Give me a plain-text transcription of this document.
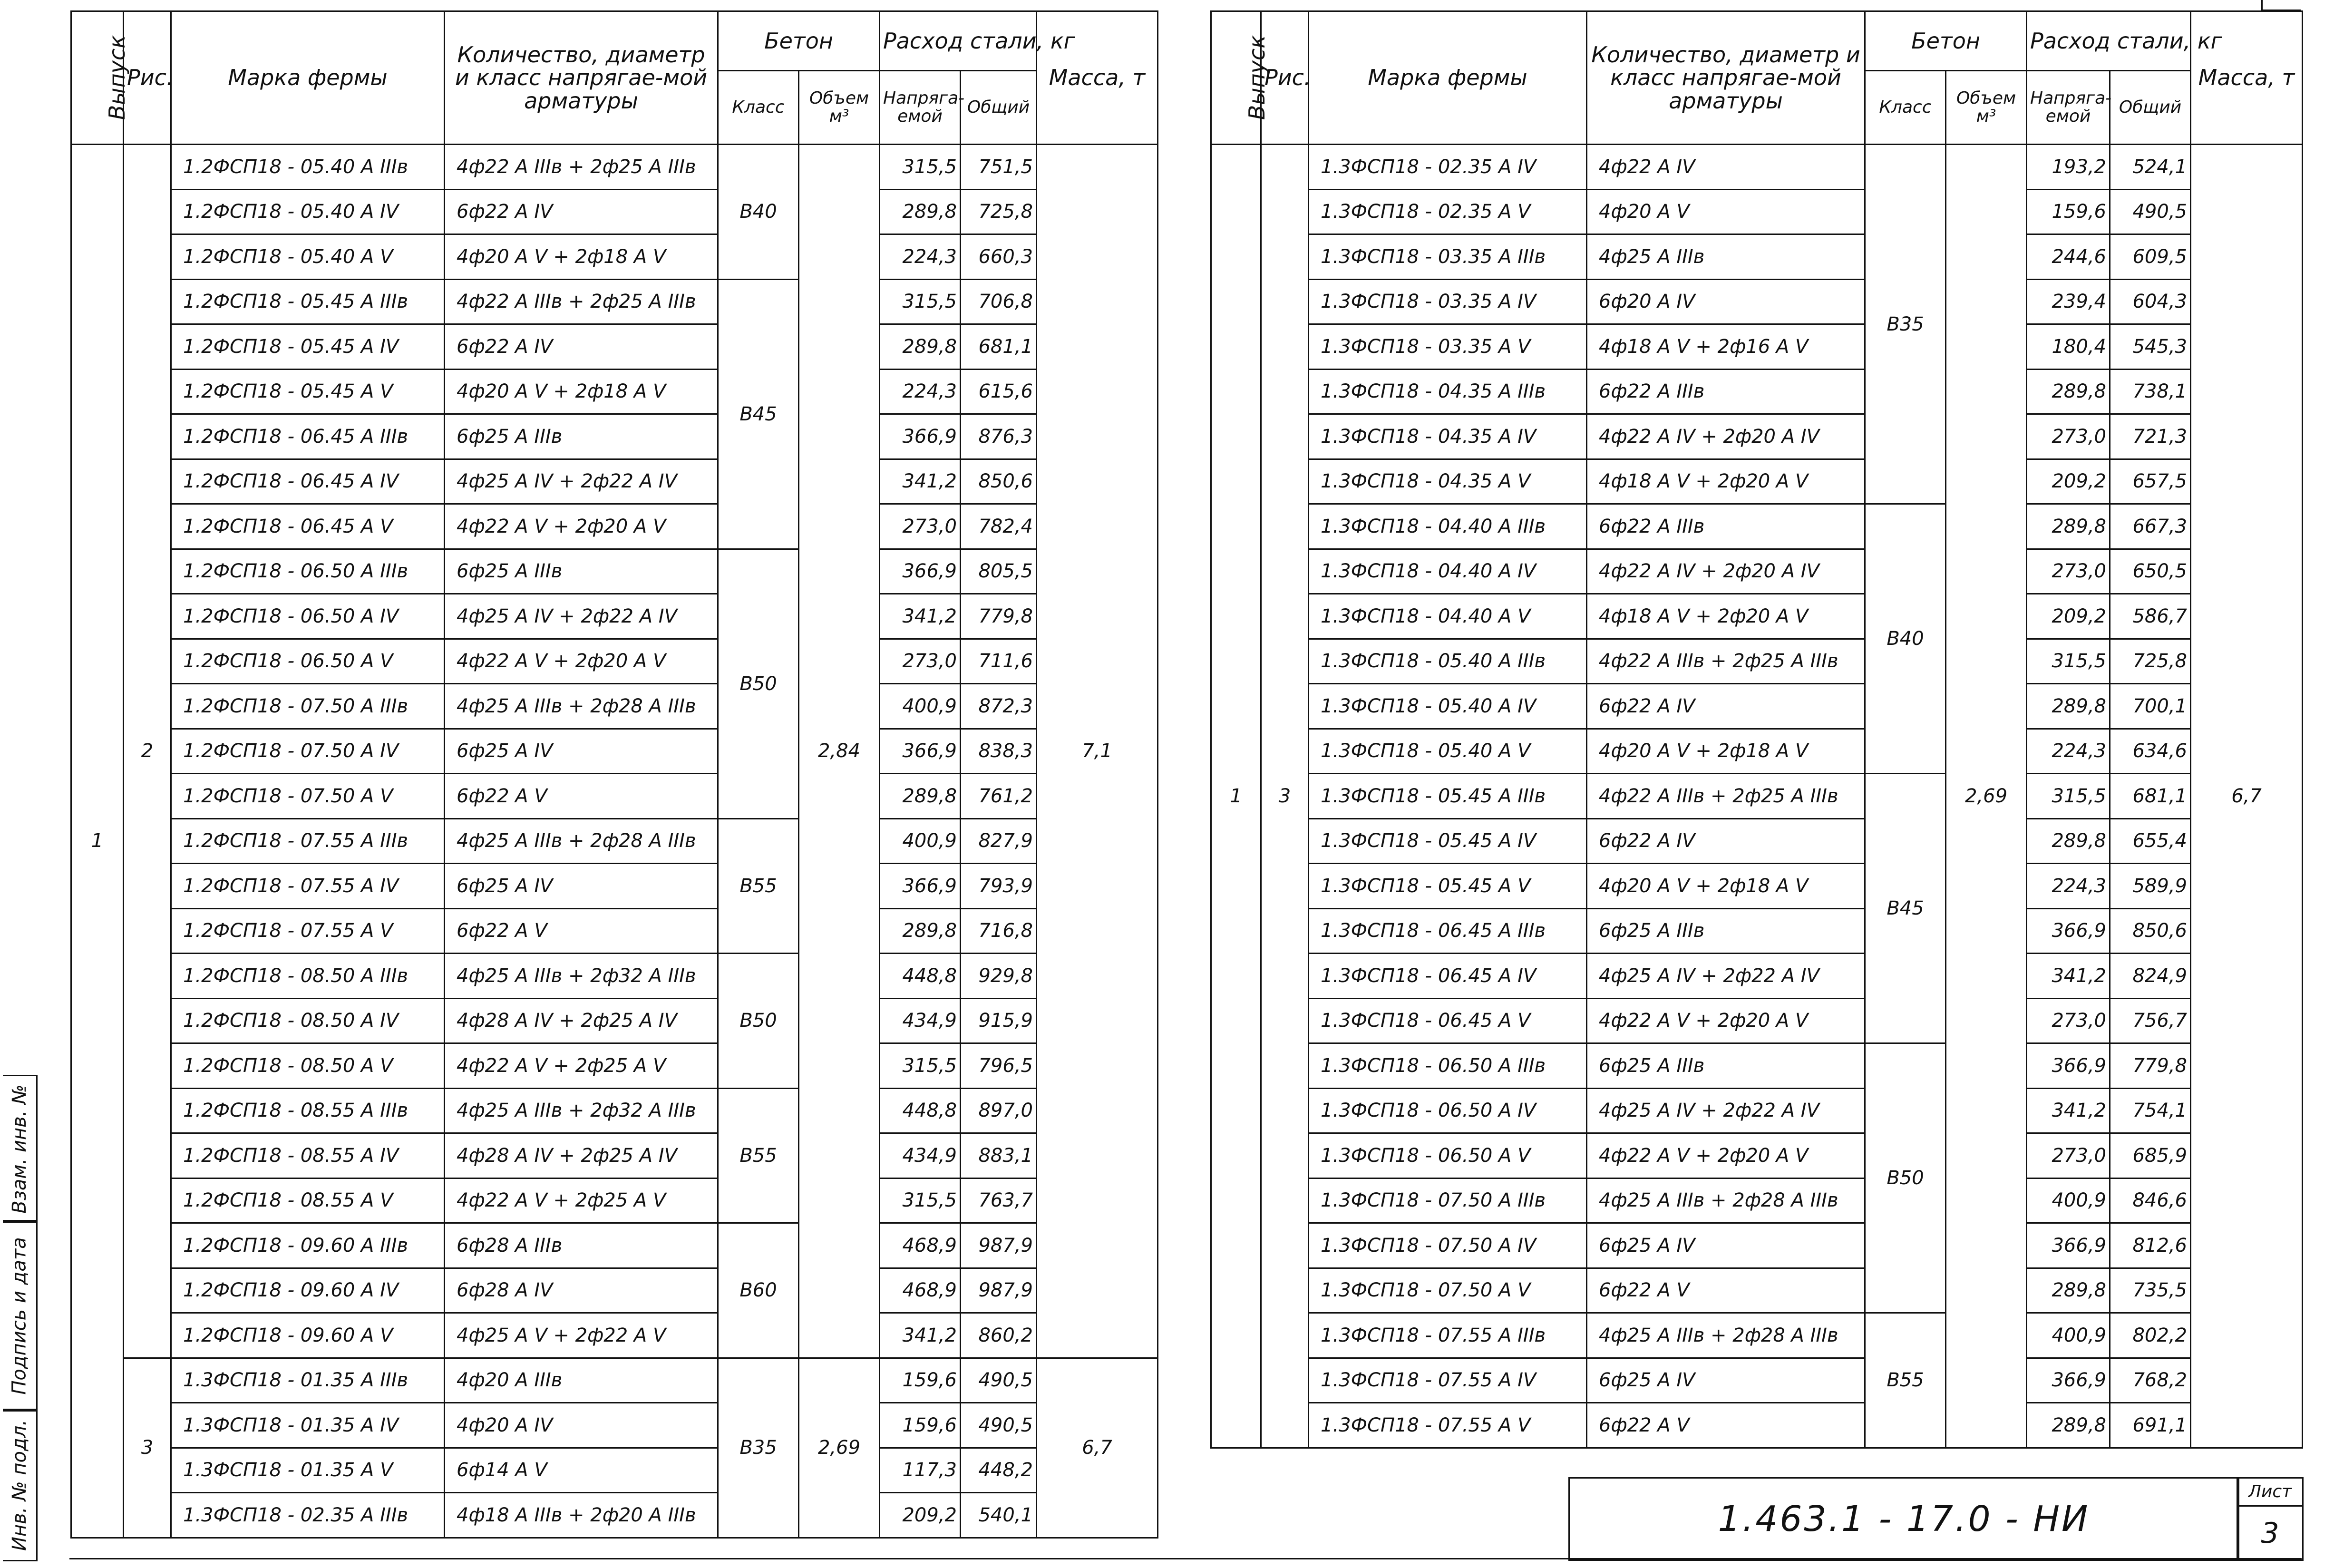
Выпуск	Рис.	Марка фермы	Количество, диаметр и класс напрягае-мой арматуры	Бетон		Расход стали, кг		Масса, т
				Класс	Объем м³	Напряга-емой	Общий	
1	2	1.2ФСП18 - 05.40 A IIIв	4ф22 A IIIв + 2ф25 A IIIв	B40	2,84	315,5	751,5	7,1
		1.2ФСП18 - 05.40 A IV	6ф22 A IV			289,8	725,8	
		1.2ФСП18 - 05.40 A V	4ф20 A V + 2ф18 A V			224,3	660,3	
		1.2ФСП18 - 05.45 A IIIв	4ф22 A IIIв + 2ф25 A IIIв	B45		315,5	706,8	
		1.2ФСП18 - 05.45 A IV	6ф22 A IV			289,8	681,1	
		1.2ФСП18 - 05.45 A V	4ф20 A V + 2ф18 A V			224,3	615,6	
		1.2ФСП18 - 06.45 A IIIв	6ф25 A IIIв			366,9	876,3	
		1.2ФСП18 - 06.45 A IV	4ф25 A IV + 2ф22 A IV			341,2	850,6	
		1.2ФСП18 - 06.45 A V	4ф22 A V + 2ф20 A V			273,0	782,4	
		1.2ФСП18 - 06.50 A IIIв	6ф25 A IIIв	B50		366,9	805,5	
		1.2ФСП18 - 06.50 A IV	4ф25 A IV + 2ф22 A IV			341,2	779,8	
		1.2ФСП18 - 06.50 A V	4ф22 A V + 2ф20 A V			273,0	711,6	
		1.2ФСП18 - 07.50 A IIIв	4ф25 A IIIв + 2ф28 A IIIв			400,9	872,3	
		1.2ФСП18 - 07.50 A IV	6ф25 A IV			366,9	838,3	
		1.2ФСП18 - 07.50 A V	6ф22 A V			289,8	761,2	
		1.2ФСП18 - 07.55 A IIIв	4ф25 A IIIв + 2ф28 A IIIв	B55		400,9	827,9	
		1.2ФСП18 - 07.55 A IV	6ф25 A IV			366,9	793,9	
		1.2ФСП18 - 07.55 A V	6ф22 A V			289,8	716,8	
		1.2ФСП18 - 08.50 A IIIв	4ф25 A IIIв + 2ф32 A IIIв	B50		448,8	929,8	
		1.2ФСП18 - 08.50 A IV	4ф28 A IV + 2ф25 A IV			434,9	915,9	
		1.2ФСП18 - 08.50 A V	4ф22 A V + 2ф25 A V			315,5	796,5	
		1.2ФСП18 - 08.55 A IIIв	4ф25 A IIIв + 2ф32 A IIIв	B55		448,8	897,0	
		1.2ФСП18 - 08.55 A IV	4ф28 A IV + 2ф25 A IV			434,9	883,1	
		1.2ФСП18 - 08.55 A V	4ф22 A V + 2ф25 A V			315,5	763,7	
		1.2ФСП18 - 09.60 A IIIв	6ф28 A IIIв	B60		468,9	987,9	
		1.2ФСП18 - 09.60 A IV	6ф28 A IV			468,9	987,9	
		1.2ФСП18 - 09.60 A V	4ф25 A V + 2ф22 A V			341,2	860,2	
	3	1.3ФСП18 - 01.35 A IIIв	4ф20 A IIIв	B35	2,69	159,6	490,5	6,7
		1.3ФСП18 - 01.35 A IV	4ф20 A IV			159,6	490,5	
		1.3ФСП18 - 01.35 A V	6ф14 A V			117,3	448,2	
		1.3ФСП18 - 02.35 A IIIв	4ф18 A IIIв + 2ф20 A IIIв			209,2	540,1	
Выпуск	Рис.	Марка фермы	Количество, диаметр и класс напрягае-мой арматуры	Бетон		Расход стали, кг		Масса, т
				Класс	Объем м³	Напряга-емой	Общий	
1	3	1.3ФСП18 - 02.35 A IV	4ф22 A IV	B35	2,69	193,2	524,1	6,7
		1.3ФСП18 - 02.35 A V	4ф20 A V			159,6	490,5	
		1.3ФСП18 - 03.35 A IIIв	4ф25 A IIIв			244,6	609,5	
		1.3ФСП18 - 03.35 A IV	6ф20 A IV			239,4	604,3	
		1.3ФСП18 - 03.35 A V	4ф18 A V + 2ф16 A V			180,4	545,3	
		1.3ФСП18 - 04.35 A IIIв	6ф22 A IIIв			289,8	738,1	
		1.3ФСП18 - 04.35 A IV	4ф22 A IV + 2ф20 A IV			273,0	721,3	
		1.3ФСП18 - 04.35 A V	4ф18 A V + 2ф20 A V			209,2	657,5	
		1.3ФСП18 - 04.40 A IIIв	6ф22 A IIIв	B40		289,8	667,3	
		1.3ФСП18 - 04.40 A IV	4ф22 A IV + 2ф20 A IV			273,0	650,5	
		1.3ФСП18 - 04.40 A V	4ф18 A V + 2ф20 A V			209,2	586,7	
		1.3ФСП18 - 05.40 A IIIв	4ф22 A IIIв + 2ф25 A IIIв			315,5	725,8	
		1.3ФСП18 - 05.40 A IV	6ф22 A IV			289,8	700,1	
		1.3ФСП18 - 05.40 A V	4ф20 A V + 2ф18 A V			224,3	634,6	
		1.3ФСП18 - 05.45 A IIIв	4ф22 A IIIв + 2ф25 A IIIв	B45		315,5	681,1	
		1.3ФСП18 - 05.45 A IV	6ф22 A IV			289,8	655,4	
		1.3ФСП18 - 05.45 A V	4ф20 A V + 2ф18 A V			224,3	589,9	
		1.3ФСП18 - 06.45 A IIIв	6ф25 A IIIв			366,9	850,6	
		1.3ФСП18 - 06.45 A IV	4ф25 A IV + 2ф22 A IV			341,2	824,9	
		1.3ФСП18 - 06.45 A V	4ф22 A V + 2ф20 A V			273,0	756,7	
		1.3ФСП18 - 06.50 A IIIв	6ф25 A IIIв	B50		366,9	779,8	
		1.3ФСП18 - 06.50 A IV	4ф25 A IV + 2ф22 A IV			341,2	754,1	
		1.3ФСП18 - 06.50 A V	4ф22 A V + 2ф20 A V			273,0	685,9	
		1.3ФСП18 - 07.50 A IIIв	4ф25 A IIIв + 2ф28 A IIIв			400,9	846,6	
		1.3ФСП18 - 07.50 A IV	6ф25 A IV			366,9	812,6	
		1.3ФСП18 - 07.50 A V	6ф22 A V			289,8	735,5	
		1.3ФСП18 - 07.55 A IIIв	4ф25 A IIIв + 2ф28 A IIIв	B55		400,9	802,2	
		1.3ФСП18 - 07.55 A IV	6ф25 A IV			366,9	768,2	
		1.3ФСП18 - 07.55 A V	6ф22 A V			289,8	691,1	
Инв. № подл.
Подпись и дата
Взам. инв. №
1.463.1 - 17.0 - НИ
Лист
3
